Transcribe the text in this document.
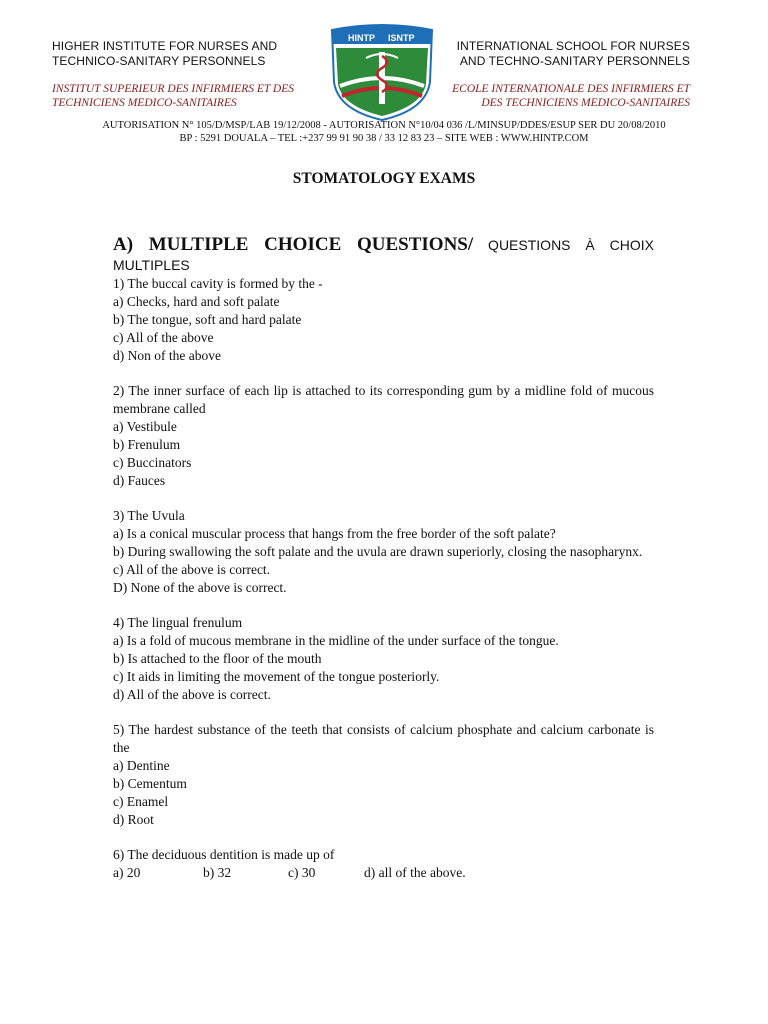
HIGHER INSTITUTE FOR NURSES AND
TECHNICO-SANITARY PERSONNELS
INSTITUT SUPERIEUR DES INFIRMIERS ET DES
TECHNICIENS MEDICO-SANITAIRES
INTERNATIONAL SCHOOL FOR NURSES
AND TECHNO-SANITARY PERSONNELS
ECOLE INTERNATIONALE DES INFIRMIERS ET
DES TECHNICIENS MEDICO-SANITAIRES
HINTP ISNTP
AUTORISATION N° 105/D/MSP/LAB 19/12/2008 - AUTORISATION N°10/04 036 /L/MINSUP/DDES/ESUP SER DU 20/08/2010
BP : 5291 DOUALA – TEL :+237 99 91 90 38 / 33 12 83 23 – SITE WEB : WWW.HINTP.COM
STOMATOLOGY EXAMS
A) MULTIPLE CHOICE QUESTIONS/ QUESTIONS À CHOIX
MULTIPLES
1) The buccal cavity is formed by the -
a) Checks, hard and soft palate
b) The tongue, soft and hard palate
c) All of the above
d) Non of the above
2) The inner surface of each lip is attached to its corresponding gum by a midline fold of mucous membrane called
a) Vestibule
b) Frenulum
c) Buccinators
d) Fauces
3) The Uvula
a) Is a conical muscular process that hangs from the free border of the soft palate?
b) During swallowing the soft palate and the uvula are drawn superiorly, closing the nasopharynx.
c) All of the above is correct.
D) None of the above is correct.
4) The lingual frenulum
a) Is a fold of mucous membrane in the midline of the under surface of the tongue.
b) Is attached to the floor of the mouth
c) It aids in limiting the movement of the tongue posteriorly.
d) All of the above is correct.
5) The hardest substance of the teeth that consists of calcium phosphate and calcium carbonate is the
a) Dentine
b) Cementum
c) Enamel
d) Root
6) The deciduous dentition is made up of
a) 20	b) 32	c) 30	d) all of the above.
